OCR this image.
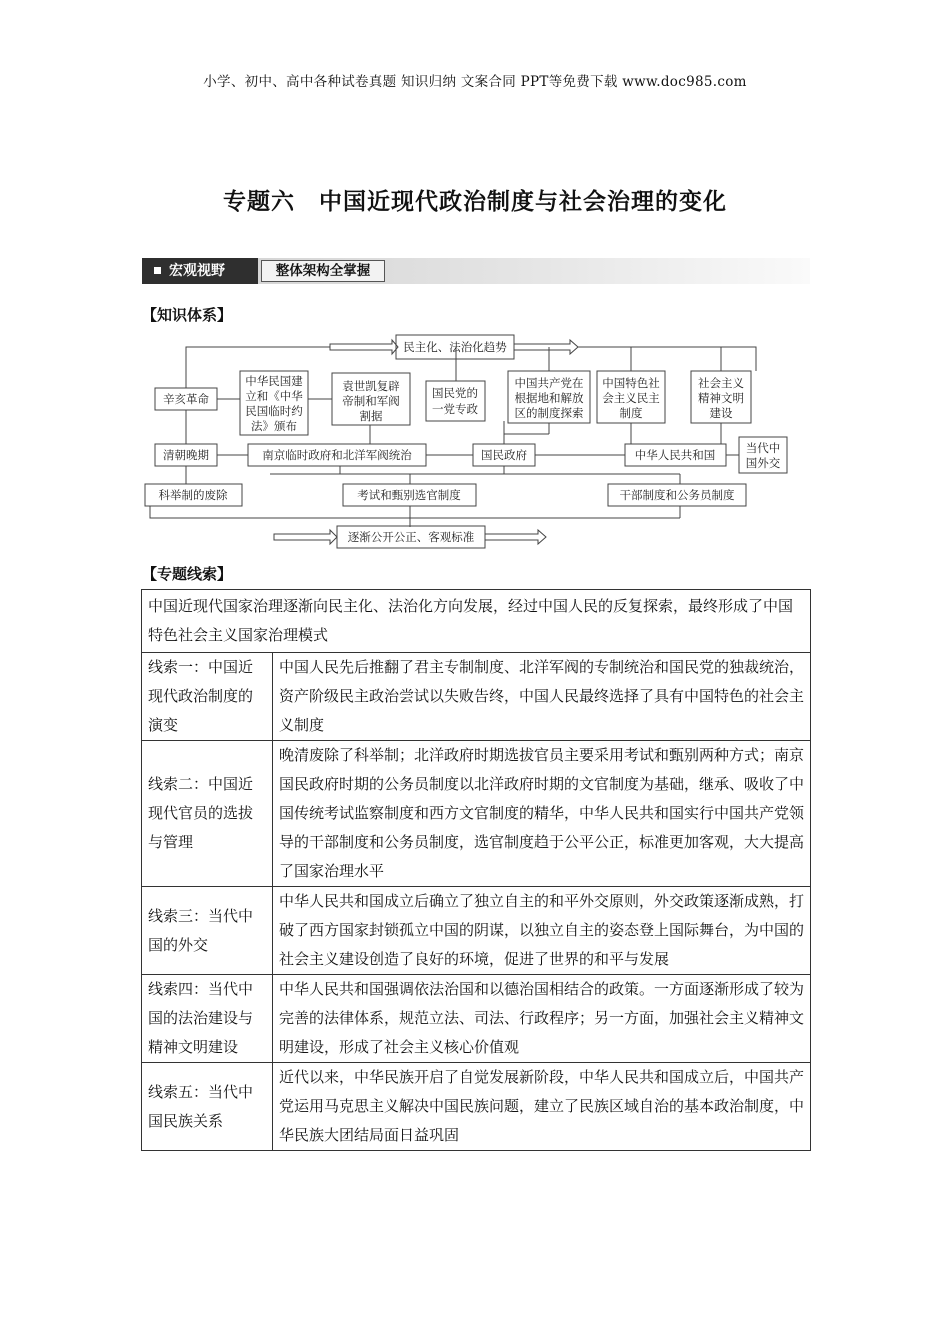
小学、初中、高中各种试卷真题 知识归纳 文案合同 PPT等免费下载 www.doc985.com
专题六　中国近现代政治制度与社会治理的变化
宏观视野	整体架构全掌握
【知识体系】
民主化、法治化趋势
辛亥革命
中华民国建
立和《中华
民国临时约
法》颁布
袁世凯复辟
帝制和军阀
割据
国民党的
一党专政
中国共产党在
根据地和解放
区的制度探索
中国特色社
会主义民主
制度
社会主义
精神文明
建设
清朝晚期	南京临时政府和北洋军阀统治	国民政府	中华人民共和国	当代中
国外交
科举制的废除	考试和甄别选官制度	干部制度和公务员制度
逐渐公开公正、客观标准
【专题线索】
中国近现代国家治理逐渐向民主化、法治化方向发展，经过中国人民的反复探索，最终形成了中国特色社会主义国家治理模式	
线索一：中国近现代政治制度的演变	中国人民先后推翻了君主专制制度、北洋军阀的专制统治和国民党的独裁统治，资产阶级民主政治尝试以失败告终，中国人民最终选择了具有中国特色的社会主义制度
线索二：中国近现代官员的选拔与管理	晚清废除了科举制；北洋政府时期选拔官员主要采用考试和甄别两种方式；南京国民政府时期的公务员制度以北洋政府时期的文官制度为基础，继承、吸收了中国传统考试监察制度和西方文官制度的精华，中华人民共和国实行中国共产党领导的干部制度和公务员制度，选官制度趋于公平公正，标准更加客观，大大提高了国家治理水平
线索三：当代中国的外交	中华人民共和国成立后确立了独立自主的和平外交原则，外交政策逐渐成熟，打破了西方国家封锁孤立中国的阴谋，以独立自主的姿态登上国际舞台，为中国的社会主义建设创造了良好的环境，促进了世界的和平与发展
线索四：当代中国的法治建设与精神文明建设	中华人民共和国强调依法治国和以德治国相结合的政策。一方面逐渐形成了较为完善的法律体系，规范立法、司法、行政程序；另一方面，加强社会主义精神文明建设，形成了社会主义核心价值观
线索五：当代中国民族关系	近代以来，中华民族开启了自觉发展新阶段，中华人民共和国成立后，中国共产党运用马克思主义解决中国民族问题，建立了民族区域自治的基本政治制度，中华民族大团结局面日益巩固
